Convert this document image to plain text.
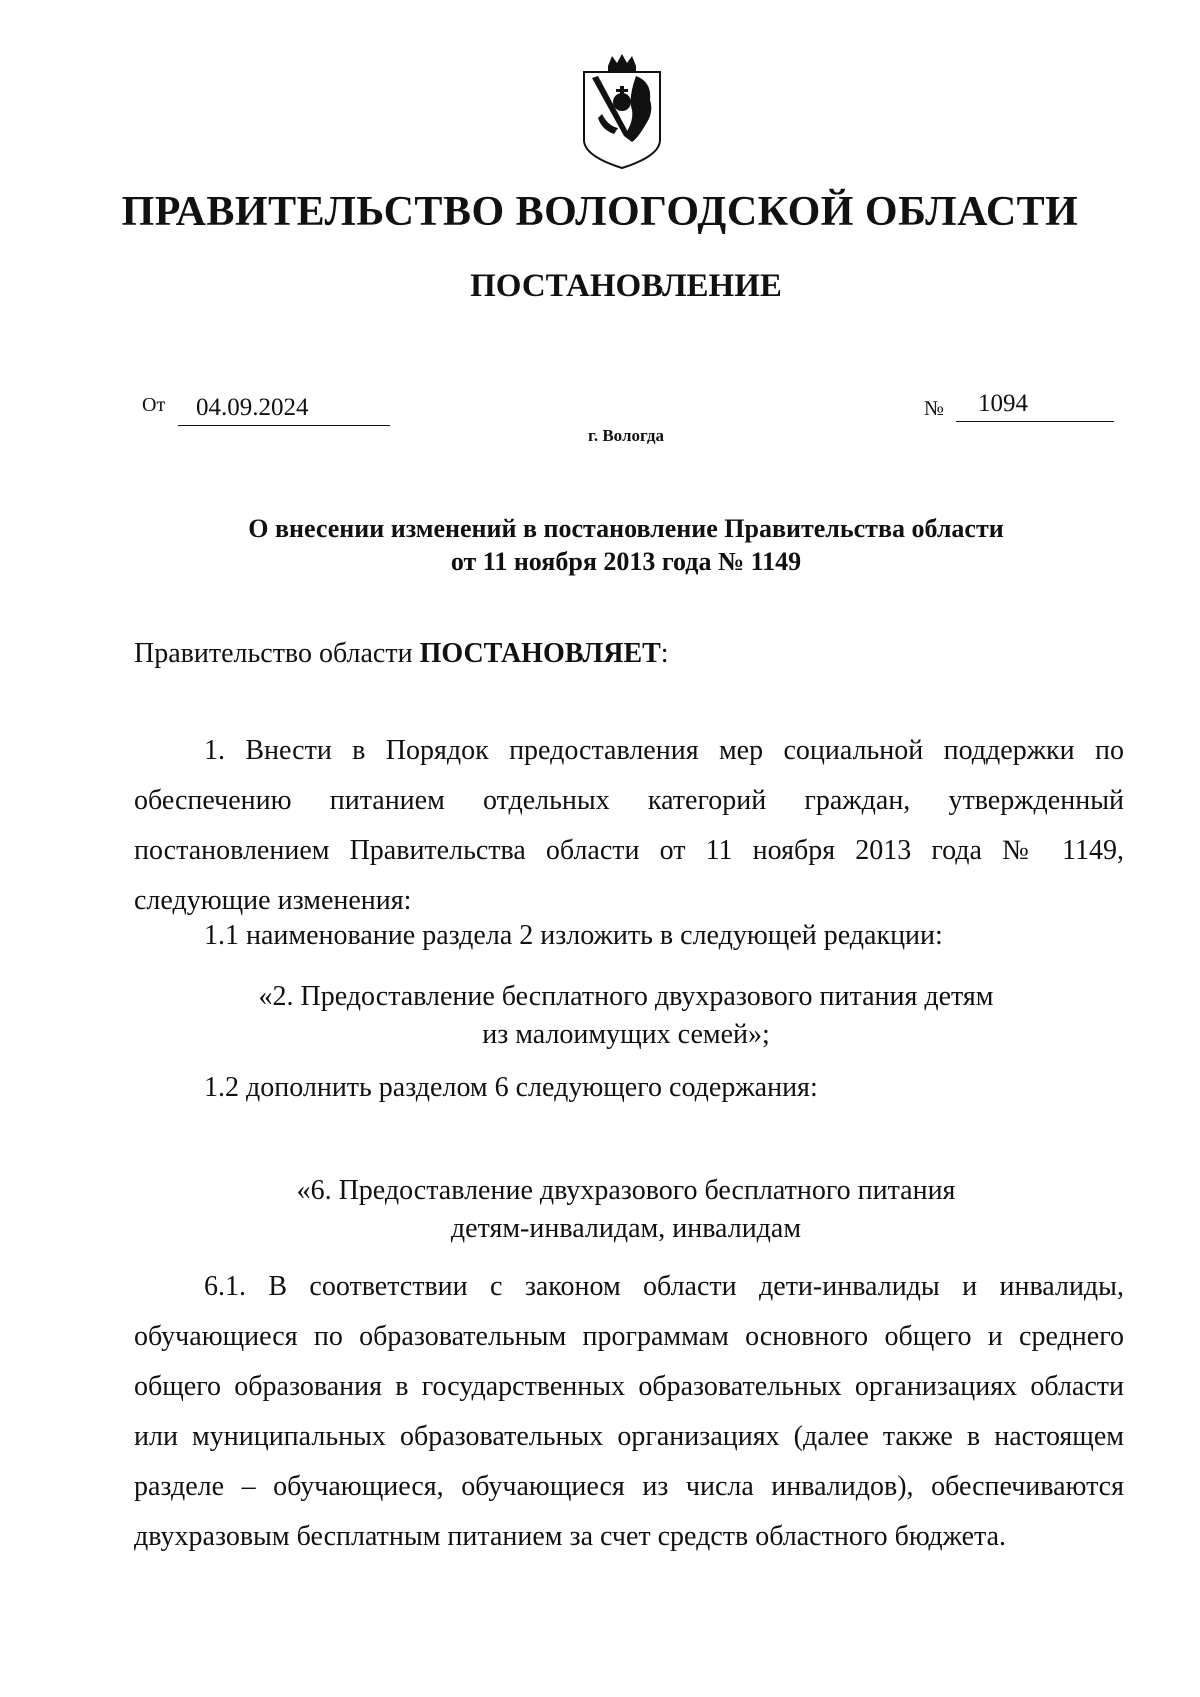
ПРАВИТЕЛЬСТВО ВОЛОГОДСКОЙ ОБЛАСТИ
ПОСТАНОВЛЕНИЕ
От	04.09.2024	№	1094
г. Вологда
О внесении изменений в постановление Правительства области
от 11 ноября 2013 года № 1149
Правительство области ПОСТАНОВЛЯЕТ:

1. Внести в Порядок предоставления мер социальной поддержки по обеспечению питанием отдельных категорий граждан, утвержденный постановлением Правительства области от 11 ноября 2013 года № 1149, следующие изменения:

1.1 наименование раздела 2 изложить в следующей редакции:

«2. Предоставление бесплатного двухразового питания детям
из малоимущих семей»;

1.2 дополнить разделом 6 следующего содержания:

«6. Предоставление двухразового бесплатного питания
детям-инвалидам, инвалидам

6.1. В соответствии с законом области дети-инвалиды и инвалиды, обучающиеся по образовательным программам основного общего и среднего общего образования в государственных образовательных организациях области или муниципальных образовательных организациях (далее также в настоящем разделе – обучающиеся, обучающиеся из числа инвалидов), обеспечиваются двухразовым бесплатным питанием за счет средств областного бюджета.
